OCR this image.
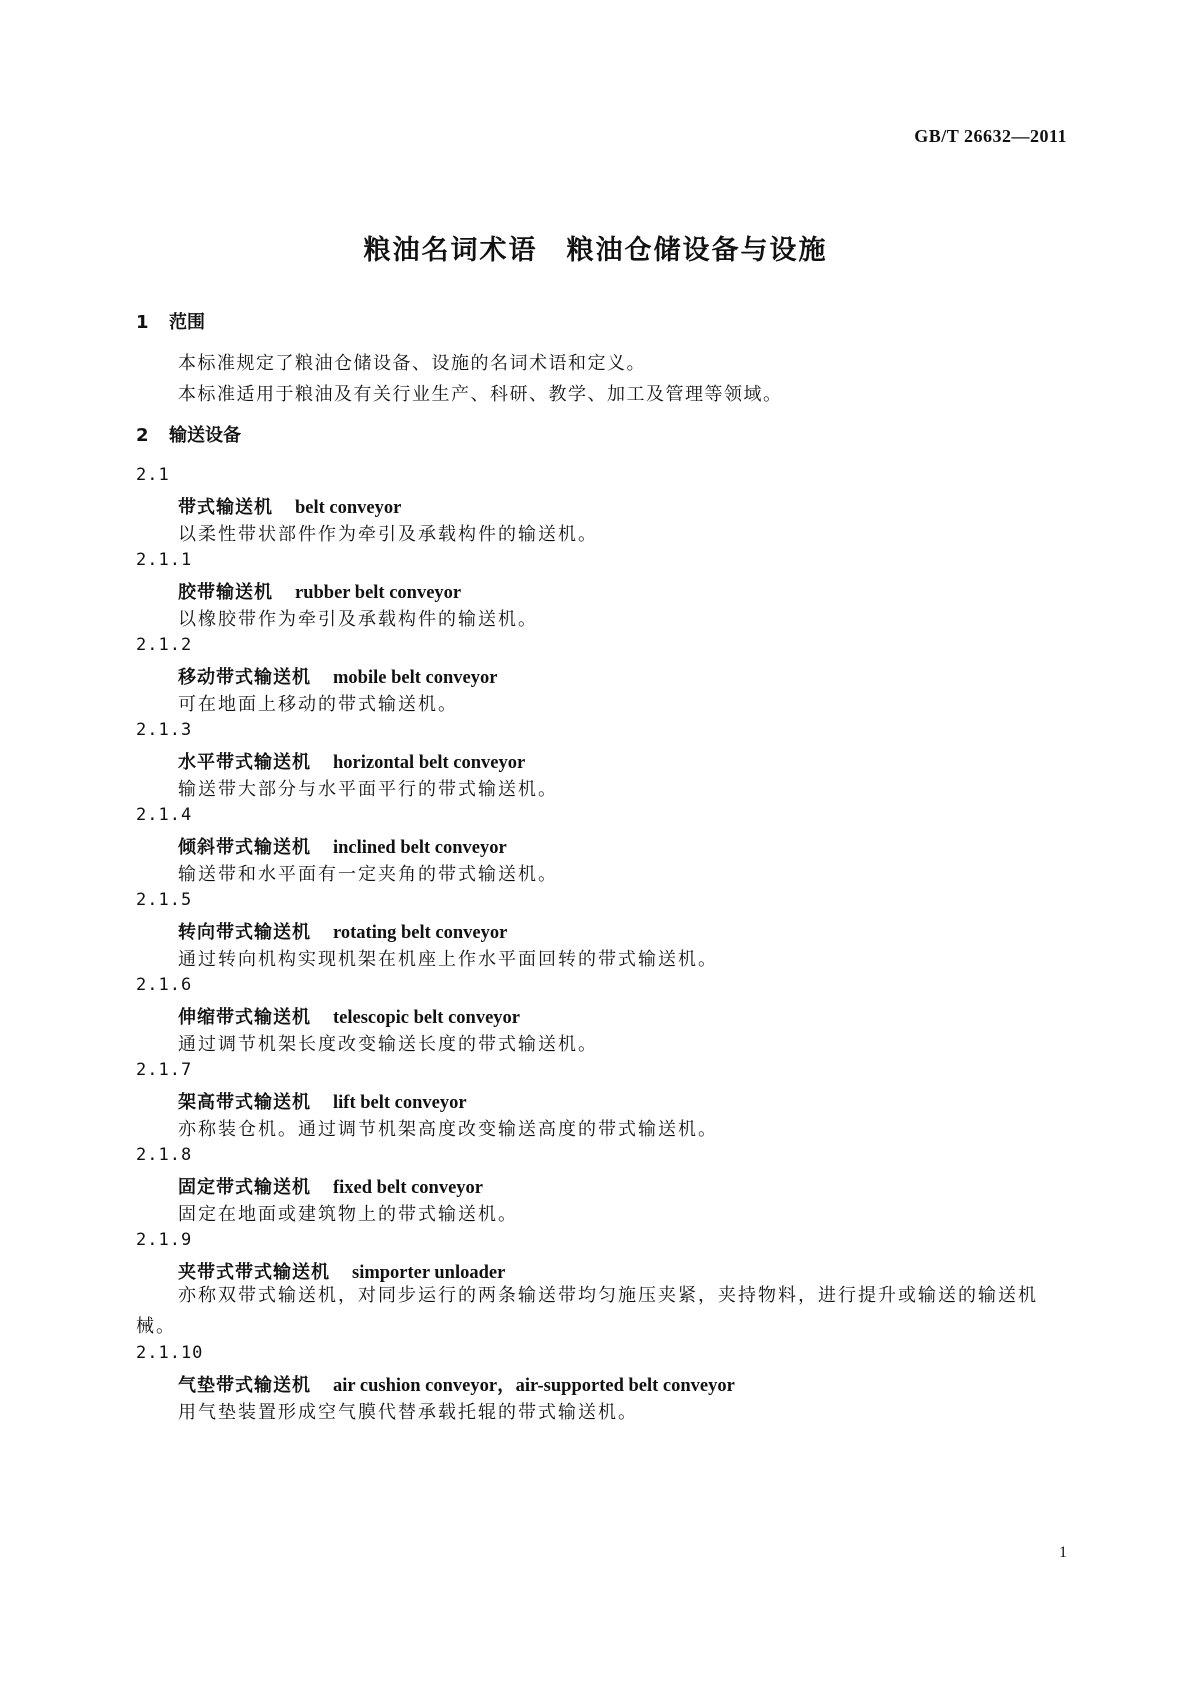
GB/T 26632—2011
粮油名词术语　粮油仓储设备与设施
1 范围
本标准规定了粮油仓储设备、设施的名词术语和定义。
本标准适用于粮油及有关行业生产、科研、教学、加工及管理等领域。
2 输送设备
2.1
带式输送机 belt conveyor
以柔性带状部件作为牵引及承载构件的输送机。
2.1.1
胶带输送机 rubber belt conveyor
以橡胶带作为牵引及承载构件的输送机。
2.1.2
移动带式输送机 mobile belt conveyor
可在地面上移动的带式输送机。
2.1.3
水平带式输送机 horizontal belt conveyor
输送带大部分与水平面平行的带式输送机。
2.1.4
倾斜带式输送机 inclined belt conveyor
输送带和水平面有一定夹角的带式输送机。
2.1.5
转向带式输送机 rotating belt conveyor
通过转向机构实现机架在机座上作水平面回转的带式输送机。
2.1.6
伸缩带式输送机 telescopic belt conveyor
通过调节机架长度改变输送长度的带式输送机。
2.1.7
架高带式输送机 lift belt conveyor
亦称装仓机。通过调节机架高度改变输送高度的带式输送机。
2.1.8
固定带式输送机 fixed belt conveyor
固定在地面或建筑物上的带式输送机。
2.1.9
夹带式带式输送机 simporter unloader
亦称双带式输送机，对同步运行的两条输送带均匀施压夹紧，夹持物料，进行提升或输送的输送机械。
2.1.10
气垫带式输送机 air cushion conveyor，air-supported belt conveyor
用气垫装置形成空气膜代替承载托辊的带式输送机。
1
